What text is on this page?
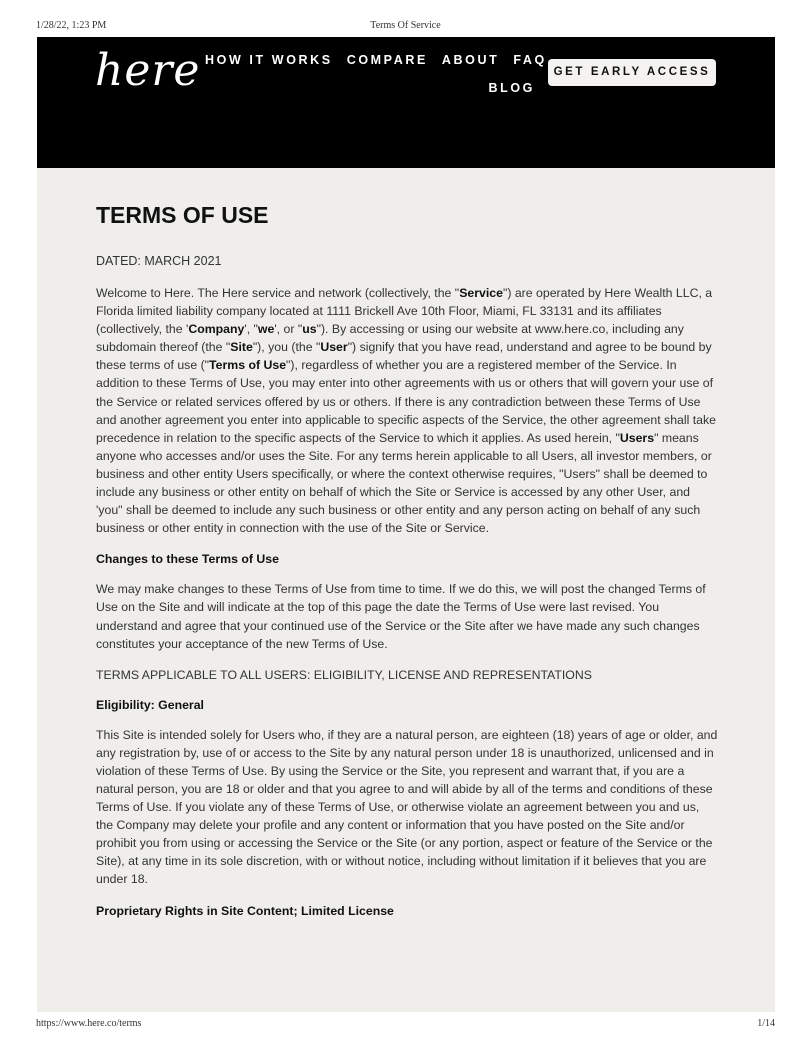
1/28/22, 1:23 PM	Terms Of Service
here HOW IT WORKS COMPARE ABOUT FAQ
BLOG
GET EARLY ACCESS
TERMS OF USE
DATED: MARCH 2021

Welcome to Here. The Here service and network (collectively, the "Service") are operated by Here Wealth LLC, a Florida limited liability company located at 1111 Brickell Ave 10th Floor, Miami, FL 33131 and its affiliates (collectively, the 'Company', "we', or "us"). By accessing or using our website at www.here.co, including any subdomain thereof (the "Site"), you (the "User") signify that you have read, understand and agree to be bound by these terms of use ("Terms of Use"), regardless of whether you are a registered member of the Service. In addition to these Terms of Use, you may enter into other agreements with us or others that will govern your use of the Service or related services offered by us or others. If there is any contradiction between these Terms of Use and another agreement you enter into applicable to specific aspects of the Service, the other agreement shall take precedence in relation to the specific aspects of the Service to which it applies. As used herein, "Users" means anyone who accesses and/or uses the Site. For any terms herein applicable to all Users, all investor members, or business and other entity Users specifically, or where the context otherwise requires, "Users" shall be deemed to include any business or other entity on behalf of which the Site or Service is accessed by any other User, and 'you" shall be deemed to include any such business or other entity and any person acting on behalf of any such business or other entity in connection with the use of the Site or Service.

Changes to these Terms of Use

We may make changes to these Terms of Use from time to time. If we do this, we will post the changed Terms of Use on the Site and will indicate at the top of this page the date the Terms of Use were last revised. You understand and agree that your continued use of the Service or the Site after we have made any such changes constitutes your acceptance of the new Terms of Use.

TERMS APPLICABLE TO ALL USERS: ELIGIBILITY, LICENSE AND REPRESENTATIONS
Eligibility: General

This Site is intended solely for Users who, if they are a natural person, are eighteen (18) years of age or older, and any registration by, use of or access to the Site by any natural person under 18 is unauthorized, unlicensed and in violation of these Terms of Use. By using the Service or the Site, you represent and warrant that, if you are a natural person, you are 18 or older and that you agree to and will abide by all of the terms and conditions of these Terms of Use. If you violate any of these Terms of Use, or otherwise violate an agreement between you and us, the Company may delete your profile and any content or information that you have posted on the Site and/or prohibit you from using or accessing the Service or the Site (or any portion, aspect or feature of the Service or the Site), at any time in its sole discretion, with or without notice, including without limitation if it believes that you are under 18.

Proprietary Rights in Site Content; Limited License
https://www.here.co/terms	1/14
